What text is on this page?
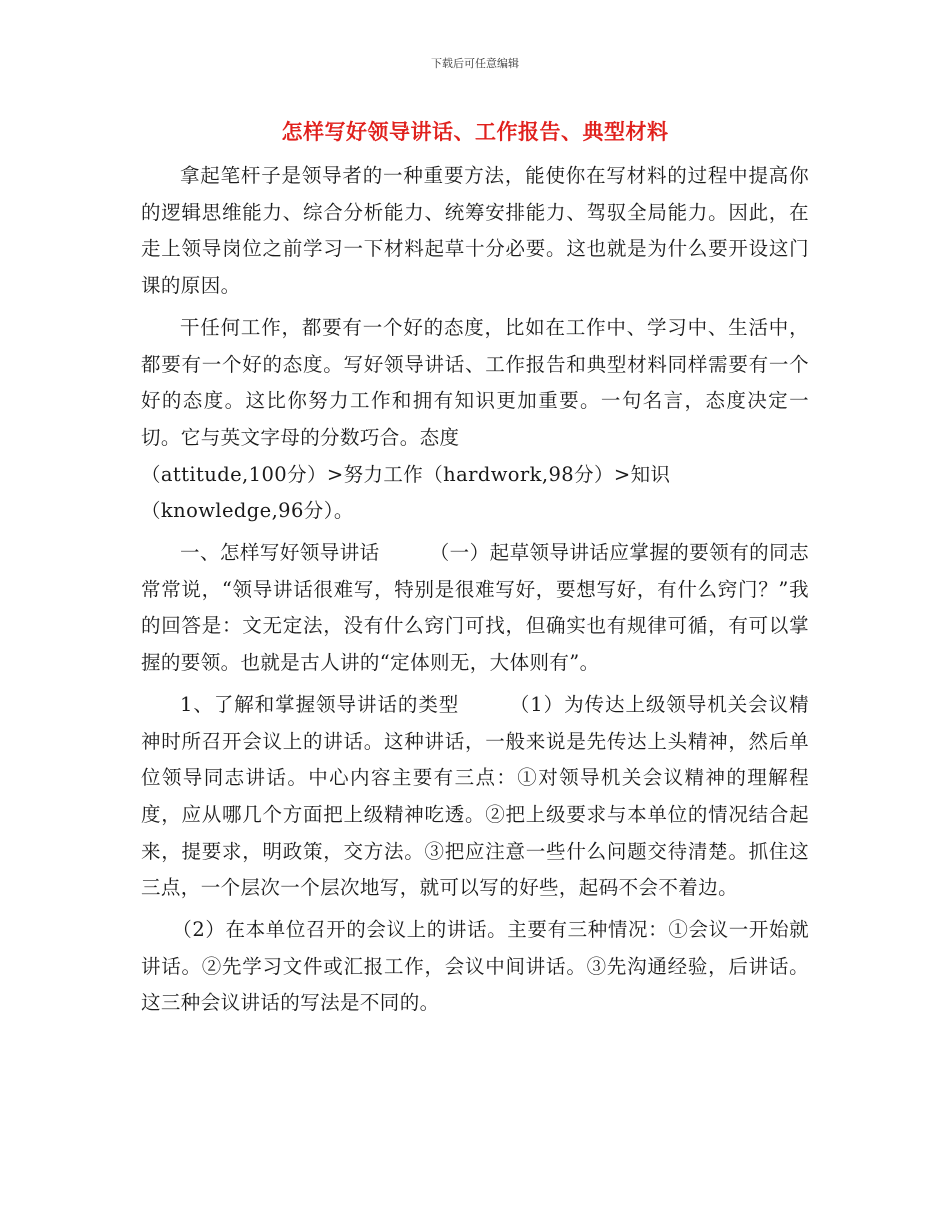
下载后可任意编辑
怎样写好领导讲话、工作报告、典型材料

拿起笔杆子是领导者的一种重要方法，能使你在写材料的过程中提高你的逻辑思维能力、综合分析能力、统筹安排能力、驾驭全局能力。因此，在走上领导岗位之前学习一下材料起草十分必要。这也就是为什么要开设这门课的原因。

干任何工作，都要有一个好的态度，比如在工作中、学习中、生活中，都要有一个好的态度。写好领导讲话、工作报告和典型材料同样需要有一个好的态度。这比你努力工作和拥有知识更加重要。一句名言，态度决定一切。它与英文字母的分数巧合。态度

（attitude,100分）>努力工作（hardwork,98分）>知识

（knowledge,96分）。

一、怎样写好领导讲话	（一）起草领导讲话应掌握的要领有的同志常常说，“领导讲话很难写，特别是很难写好，要想写好，有什么窍门？”我的回答是：文无定法，没有什么窍门可找，但确实也有规律可循，有可以掌握的要领。也就是古人讲的“定体则无，大体则有”。

1、了解和掌握领导讲话的类型	（1）为传达上级领导机关会议精神时所召开会议上的讲话。这种讲话，一般来说是先传达上头精神，然后单位领导同志讲话。中心内容主要有三点：①对领导机关会议精神的理解程度，应从哪几个方面把上级精神吃透。②把上级要求与本单位的情况结合起来，提要求，明政策，交方法。③把应注意一些什么问题交待清楚。抓住这三点，一个层次一个层次地写，就可以写的好些，起码不会不着边。

（2）在本单位召开的会议上的讲话。主要有三种情况：①会议一开始就讲话。②先学习文件或汇报工作，会议中间讲话。③先沟通经验，后讲话。这三种会议讲话的写法是不同的。
